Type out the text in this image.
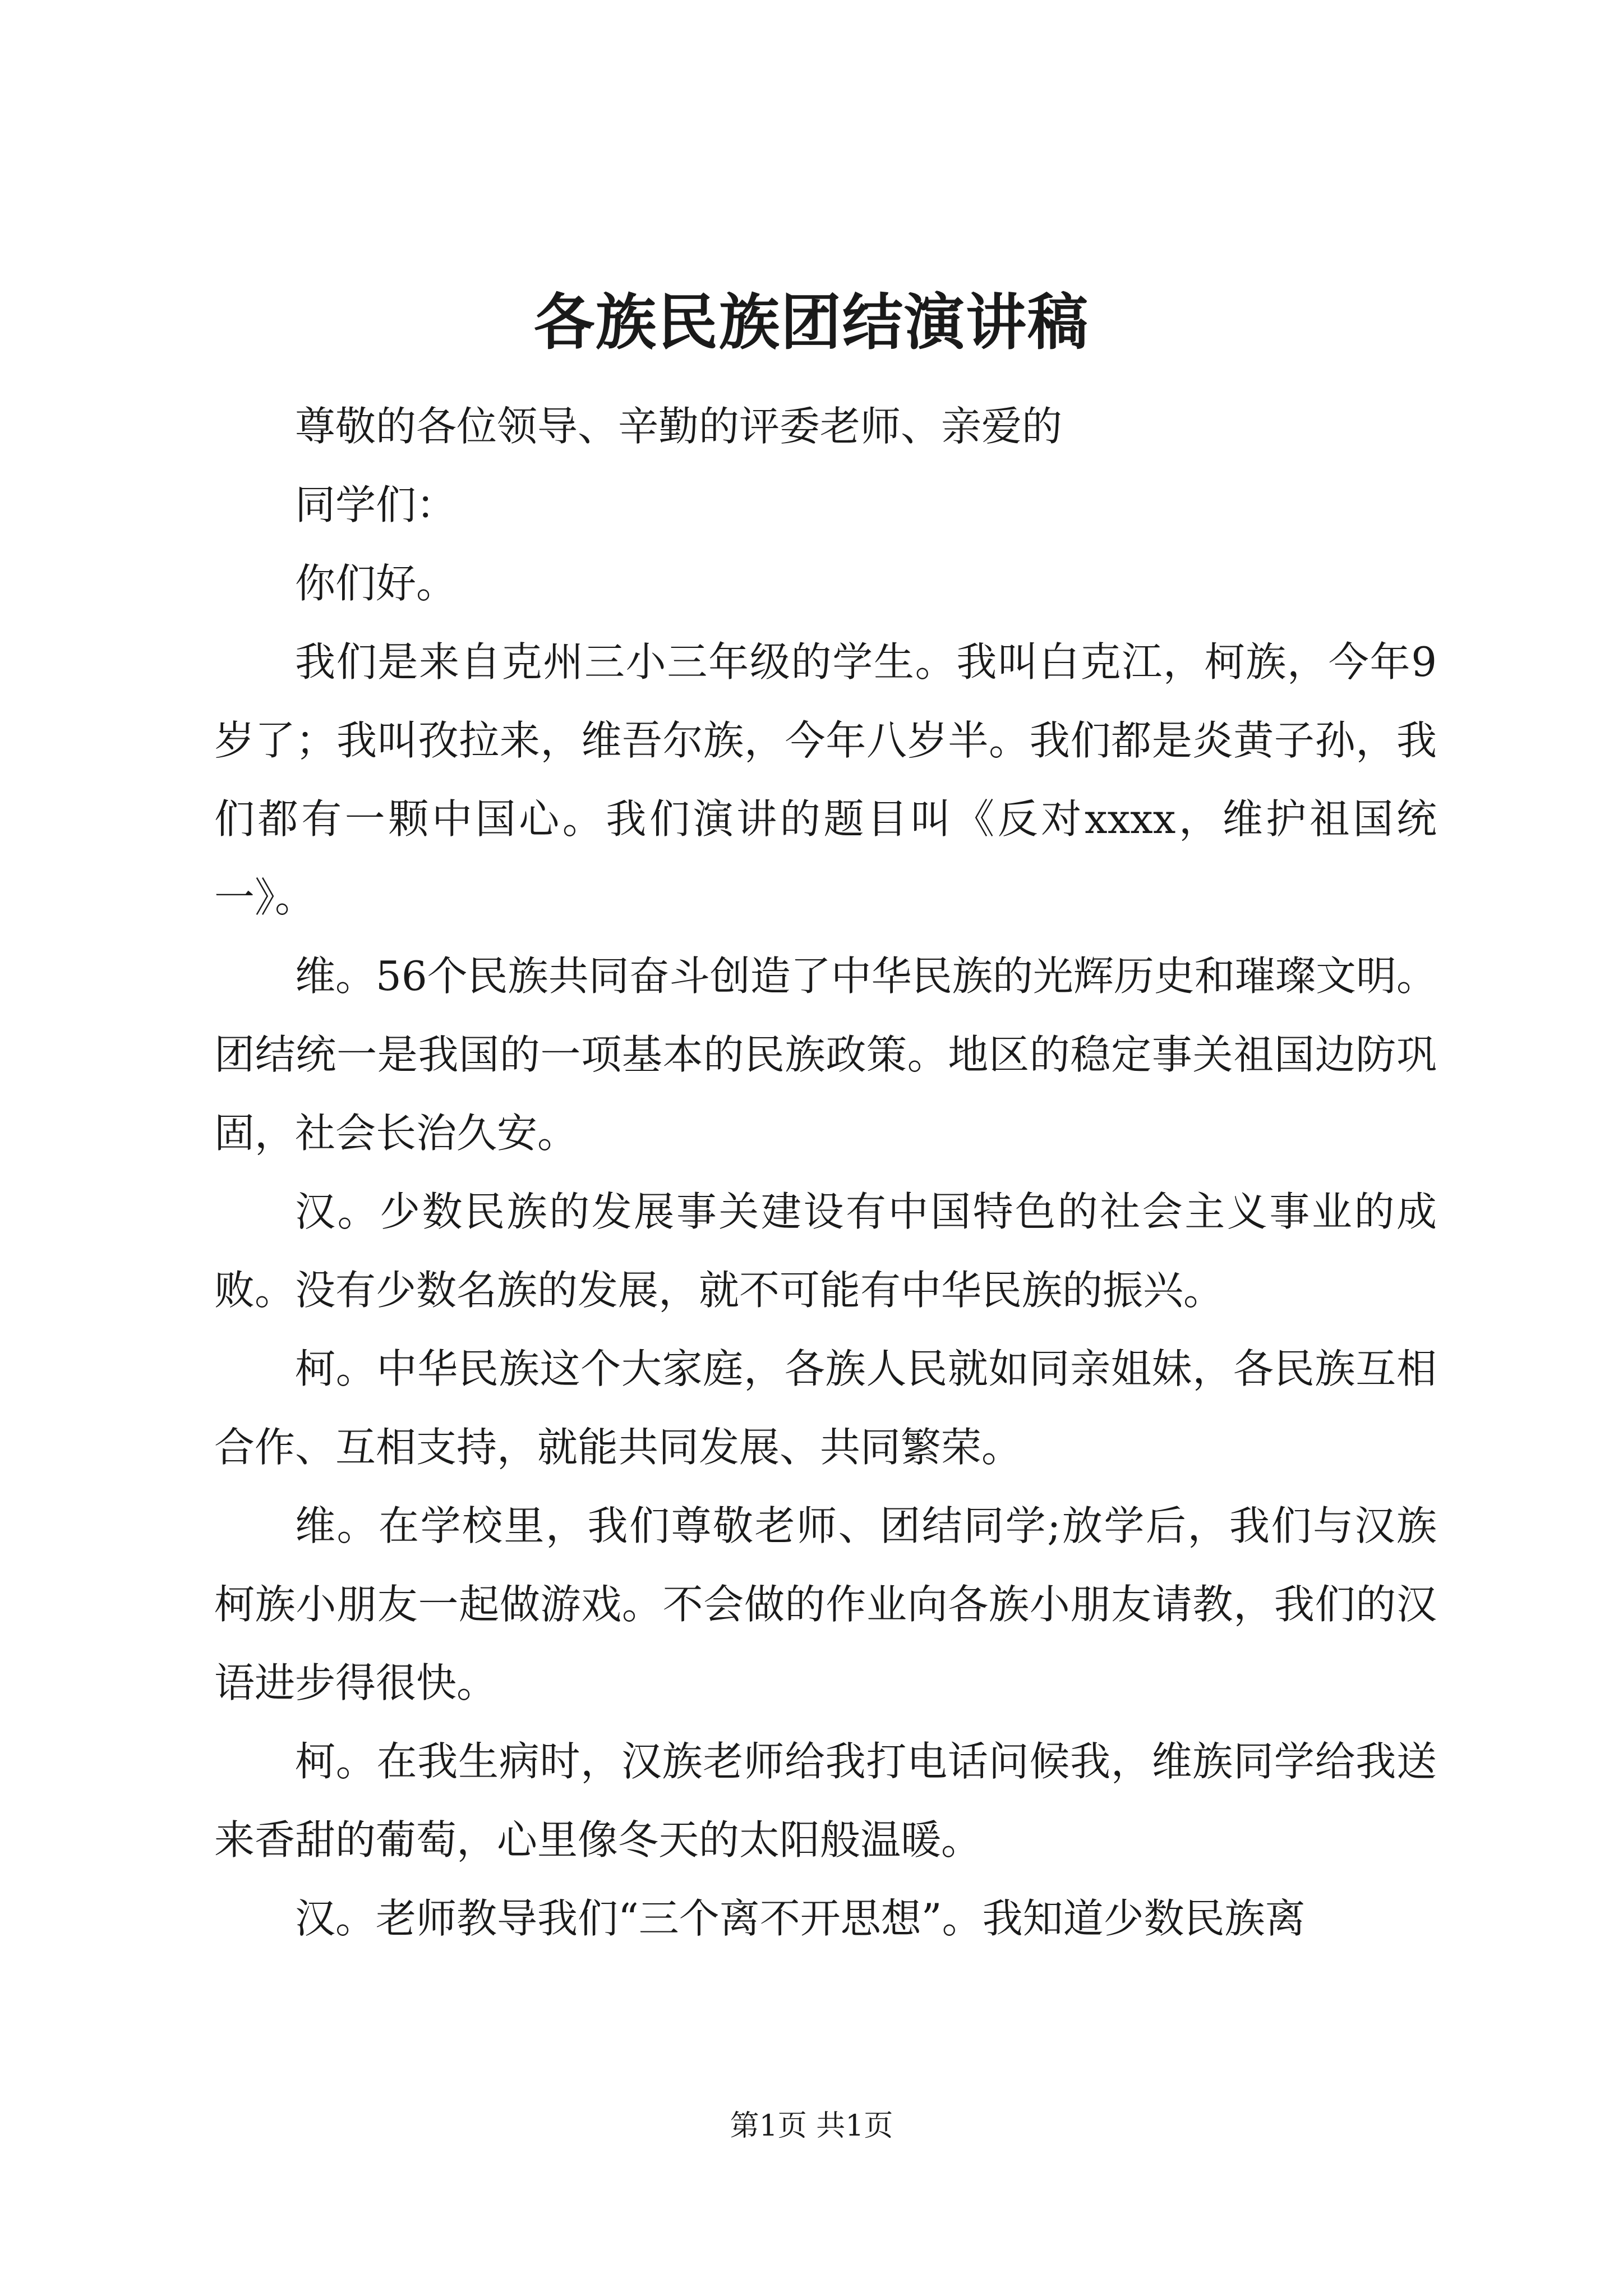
各族民族团结演讲稿

尊敬的各位领导、辛勤的评委老师、亲爱的

同学们：

你们好。

我们是来自克州三小三年级的学生。我叫白克江，柯族，今年9岁了；我叫孜拉来，维吾尔族，今年八岁半。我们都是炎黄子孙，我们都有一颗中国心。我们演讲的题目叫《反对xxxx，维护祖国统一》。

维。56个民族共同奋斗创造了中华民族的光辉历史和璀璨文明。团结统一是我国的一项基本的民族政策。地区的稳定事关祖国边防巩固，社会长治久安。

汉。少数民族的发展事关建设有中国特色的社会主义事业的成败。没有少数名族的发展，就不可能有中华民族的振兴。

柯。中华民族这个大家庭，各族人民就如同亲姐妹，各民族互相合作、互相支持，就能共同发展、共同繁荣。

维。在学校里，我们尊敬老师、团结同学;放学后，我们与汉族柯族小朋友一起做游戏。不会做的作业向各族小朋友请教，我们的汉语进步得很快。

柯。在我生病时，汉族老师给我打电话问候我，维族同学给我送来香甜的葡萄，心里像冬天的太阳般温暖。

汉。老师教导我们“三个离不开思想”。我知道少数民族离

第1页 共1页
